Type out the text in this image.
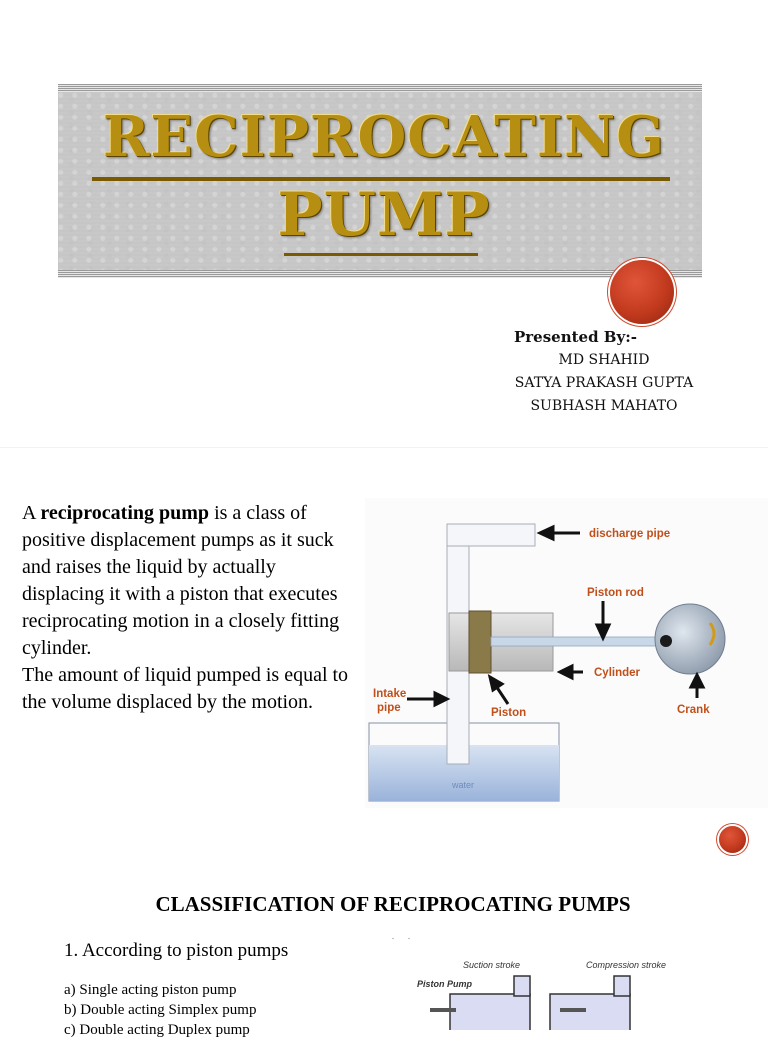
RECIPROCATING
PUMP
Presented By:-
MD SHAHID
SATYA PRAKASH GUPTA
SUBHASH MAHATO
A reciprocating pump is a class of positive displacement pumps as it suck and raises the liquid by actually displacing it with a piston that executes reciprocating motion in a closely fitting cylinder.
The amount of liquid pumped is equal to the volume displaced by the motion.
water
discharge pipe
Piston rod
Cylinder
Intake
pipe	Piston	Crank
CLASSIFICATION OF RECIPROCATING PUMPS
. .
1. According to piston pumps
a) Single acting piston pump
b) Double acting Simplex pump
c) Double acting Duplex pump
Suction stroke	Compression stroke
Piston Pump
